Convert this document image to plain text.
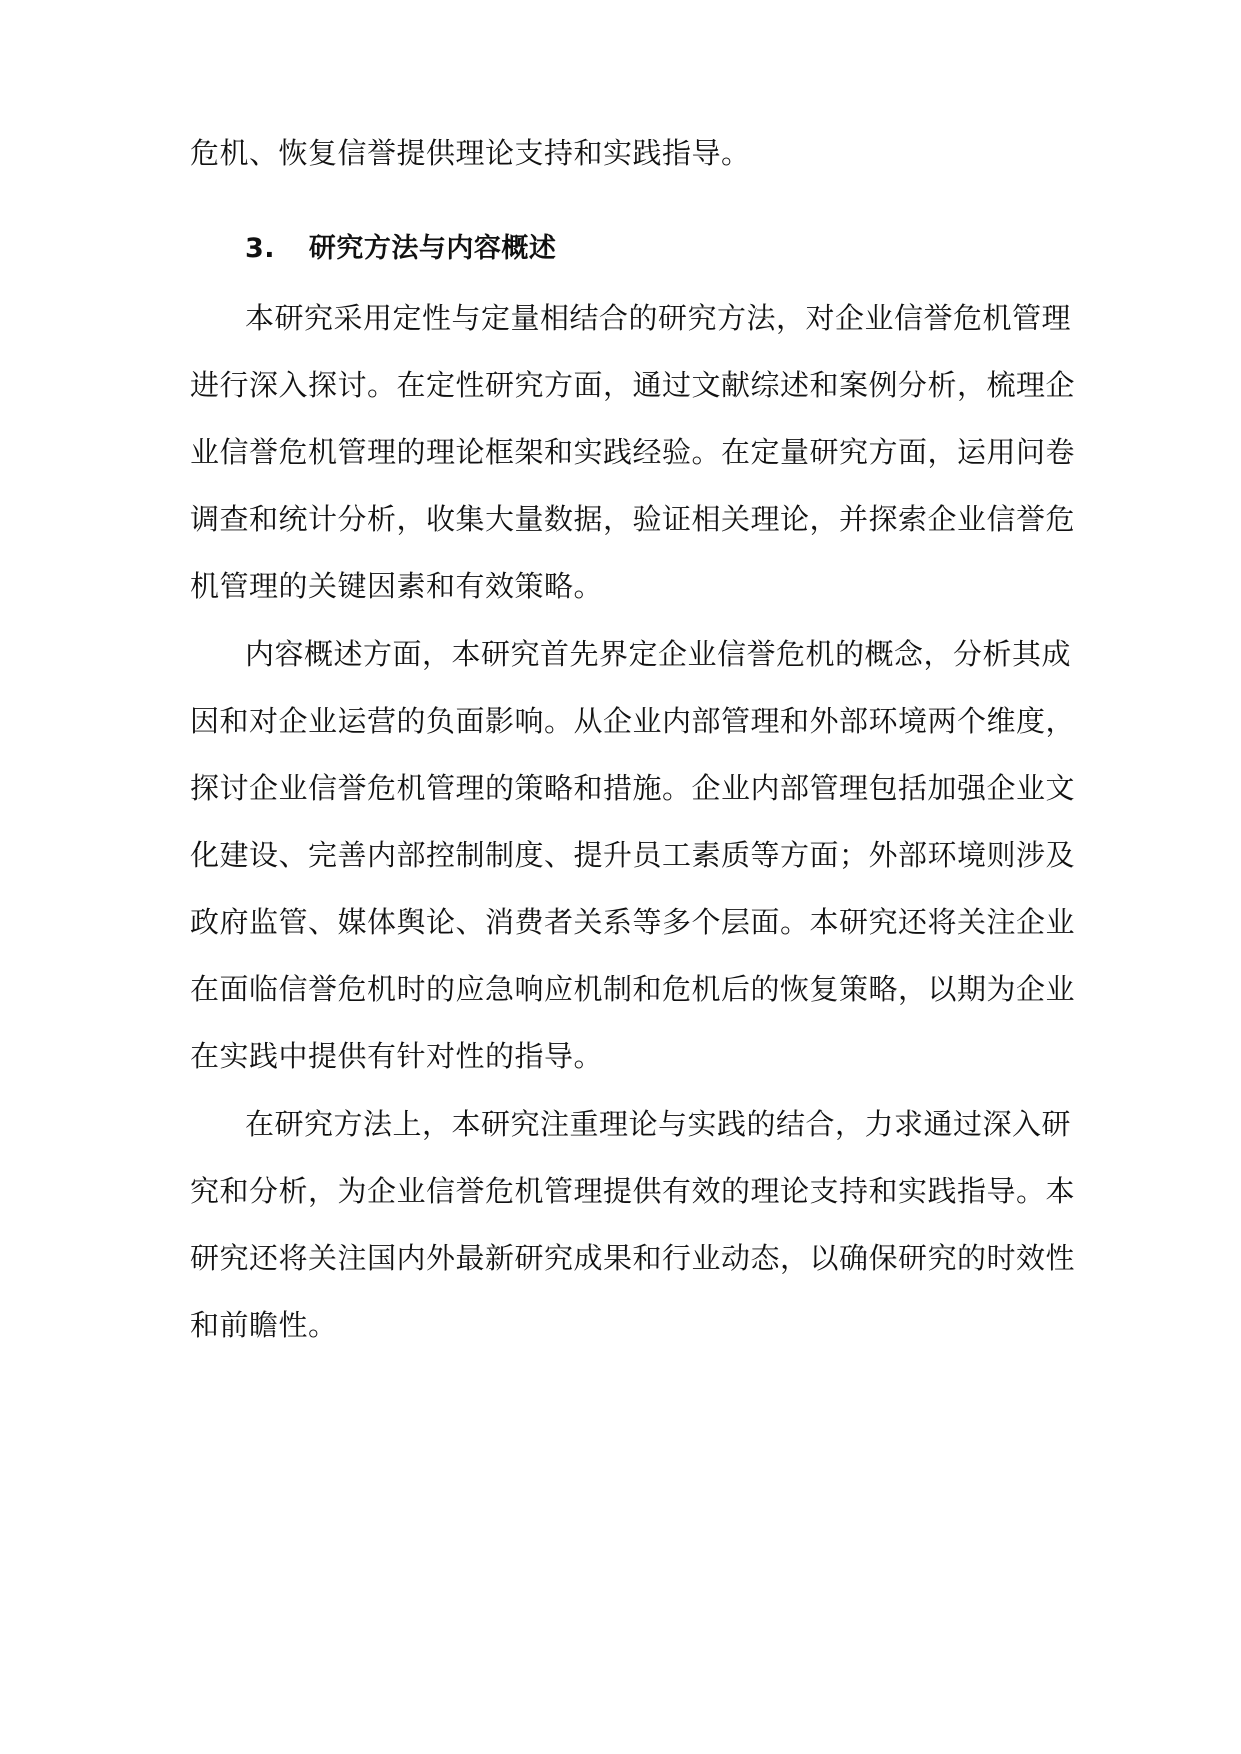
危机、恢复信誉提供理论支持和实践指导。
3. 研究方法与内容概述
本研究采用定性与定量相结合的研究方法，对企业信誉危机管理
进行深入探讨。在定性研究方面，通过文献综述和案例分析，梳理企
业信誉危机管理的理论框架和实践经验。在定量研究方面，运用问卷
调查和统计分析，收集大量数据，验证相关理论，并探索企业信誉危
机管理的关键因素和有效策略。
内容概述方面，本研究首先界定企业信誉危机的概念，分析其成
因和对企业运营的负面影响。从企业内部管理和外部环境两个维度，
探讨企业信誉危机管理的策略和措施。企业内部管理包括加强企业文
化建设、完善内部控制制度、提升员工素质等方面；外部环境则涉及
政府监管、媒体舆论、消费者关系等多个层面。本研究还将关注企业
在面临信誉危机时的应急响应机制和危机后的恢复策略，以期为企业
在实践中提供有针对性的指导。
在研究方法上，本研究注重理论与实践的结合，力求通过深入研
究和分析，为企业信誉危机管理提供有效的理论支持和实践指导。本
研究还将关注国内外最新研究成果和行业动态，以确保研究的时效性
和前瞻性。
